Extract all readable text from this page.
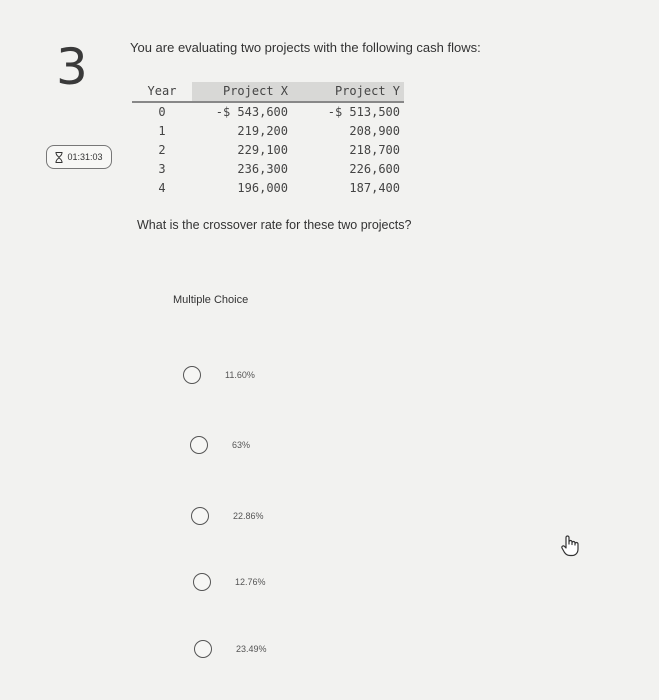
3
01:31:03
You are evaluating two projects with the following cash flows:
Year	Project X	Project Y
0	-$ 543,600	-$ 513,500
1	219,200	208,900
2	229,100	218,700
3	236,300	226,600
4	196,000	187,400
What is the crossover rate for these two projects?
Multiple Choice
11.60%
63%
22.86%
12.76%
23.49%
